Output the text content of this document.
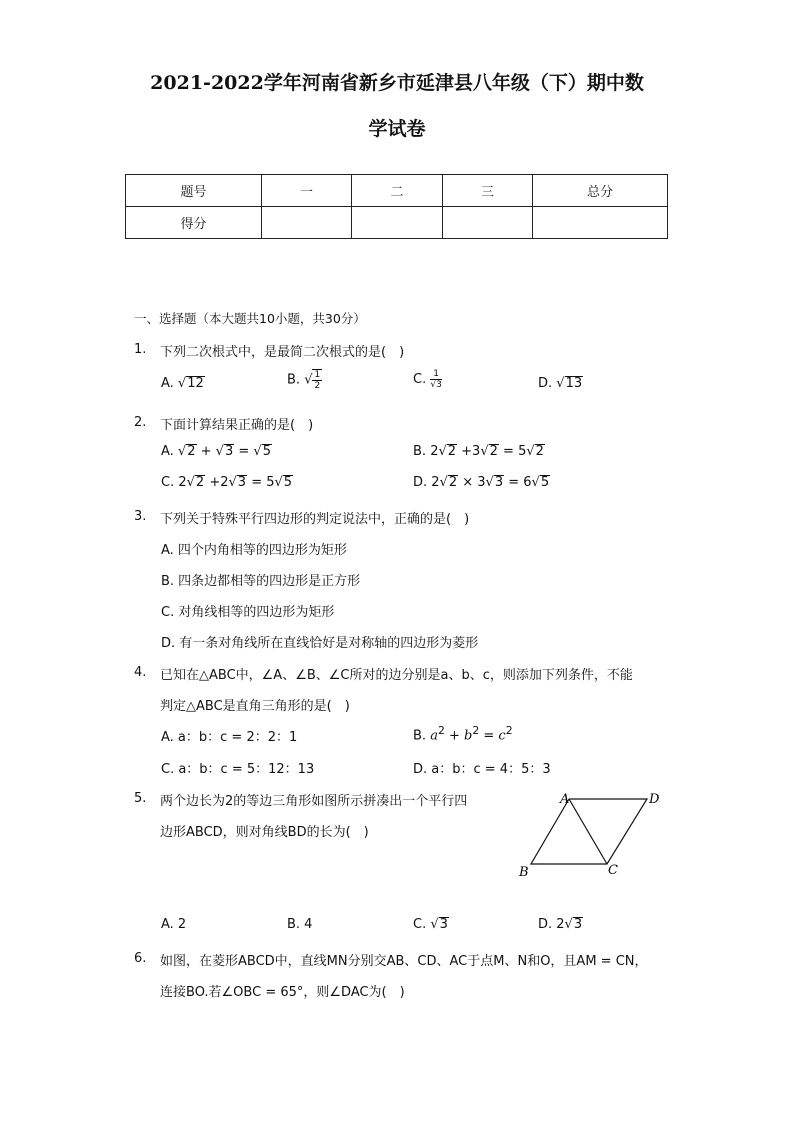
2021-2022学年河南省新乡市延津县八年级（下）期中数
学试卷
题号	一	二	三	总分
得分				
一、选择题（本大题共10小题，共30分）
1.	下列二次根式中，是最简二次根式的是(　)
A. √12	B. √ $\frac{1}{2}$	C. $\frac{1}{√3}$	D. √13
2.	下面计算结果正确的是(　)
A. √2 + √3 = √5	B. 2√2 +3√2 = 5√2
C. 2√2 +2√3 = 5√5	D. 2√2 × 3√3 = 6√5
3.	下列关于特殊平行四边形的判定说法中，正确的是(　)
A. 四个内角相等的四边形为矩形
B. 四条边都相等的四边形是正方形
C. 对角线相等的四边形为矩形
D. 有一条对角线所在直线恰好是对称轴的四边形为菱形
4.	已知在△ABC中，∠A、∠B、∠C所对的边分别是a、b、c，则添加下列条件，不能
判定△ABC是直角三角形的是(　)
A. a：b：c = 2：2：1	B. $a^2 + b^2 = c^2$
C. a：b：c = 5：12：13	D. a：b：c = 4：5：3
5.	两个边长为2的等边三角形如图所示拼凑出一个平行四
边形ABCD，则对角线BD的长为(　)
A	D
B	C
A. 2	B. 4	C. √3	D. 2√3
6.	如图，在菱形ABCD中，直线MN分别交AB、CD、AC于点M、N和O，且AM = CN，
连接BO.若∠OBC = 65°，则∠DAC为(　)
